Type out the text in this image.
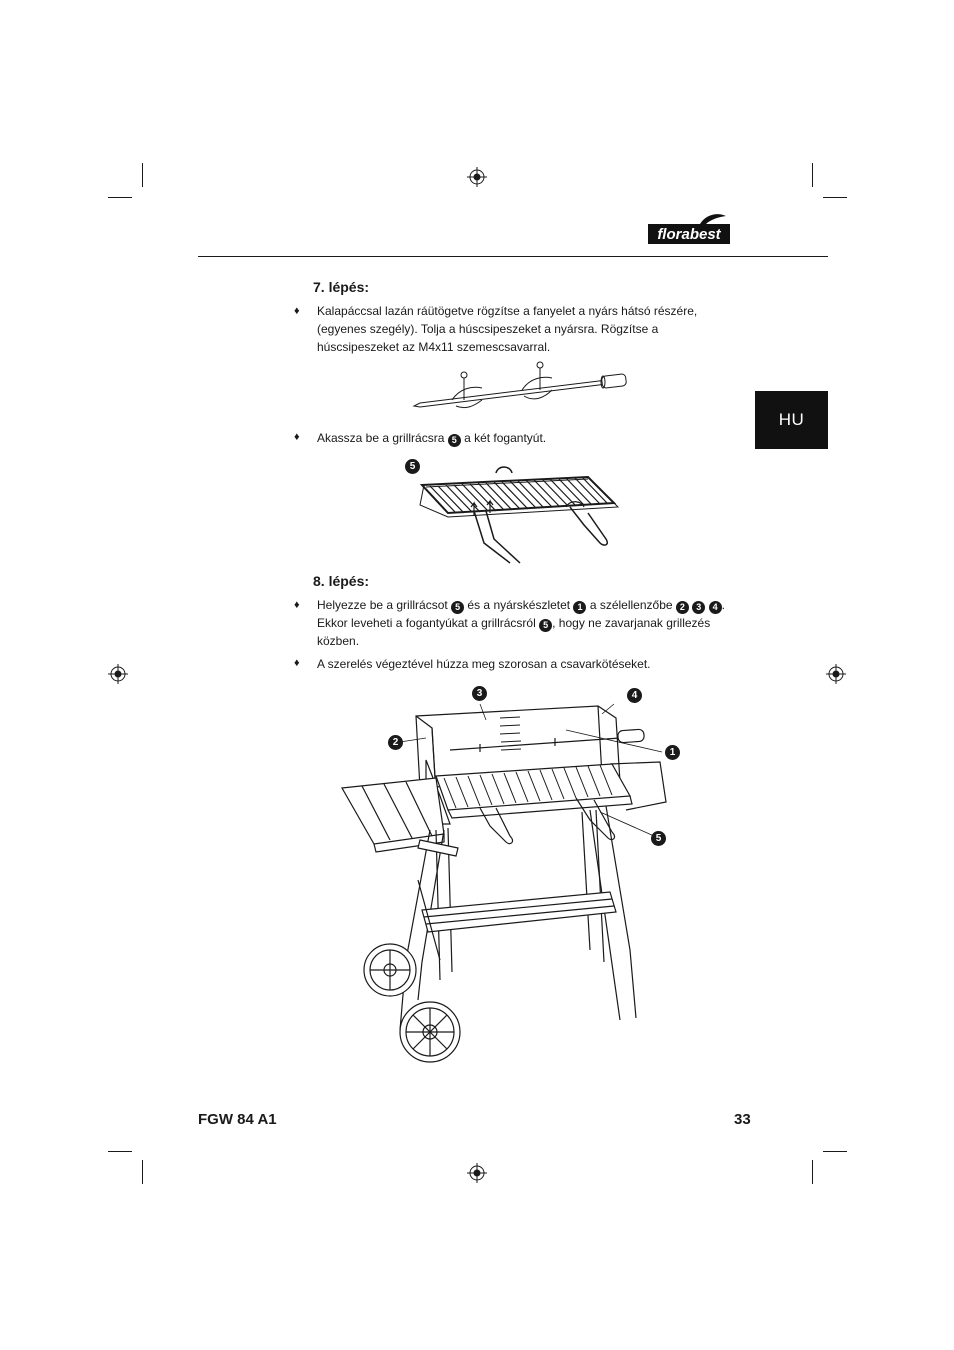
florabest
HU
7. lépés:
♦ Kalapáccsal lazán ráütögetve rögzítse a fanyelet a nyárs hátsó részére, (egyenes szegély). Tolja a húscsipeszeket a nyársra. Rögzítse a húscsipeszeket az M4x11 szemescsavarral.
♦ Akassza be a grillrácsra 5 a két fogantyút.
5
8. lépés:
♦ Helyezze be a grillrácsot 5 és a nyárskészletet 1 a szélellenzőbe 2 3 4 . Ekkor leveheti a fogantyúkat a grillrácsról 5 , hogy ne zavarjanak grillezés közben.
♦ A szerelés végeztével húzza meg szorosan a csavarkötéseket.
3	4
2
1
5
FGW 84 A1	33
